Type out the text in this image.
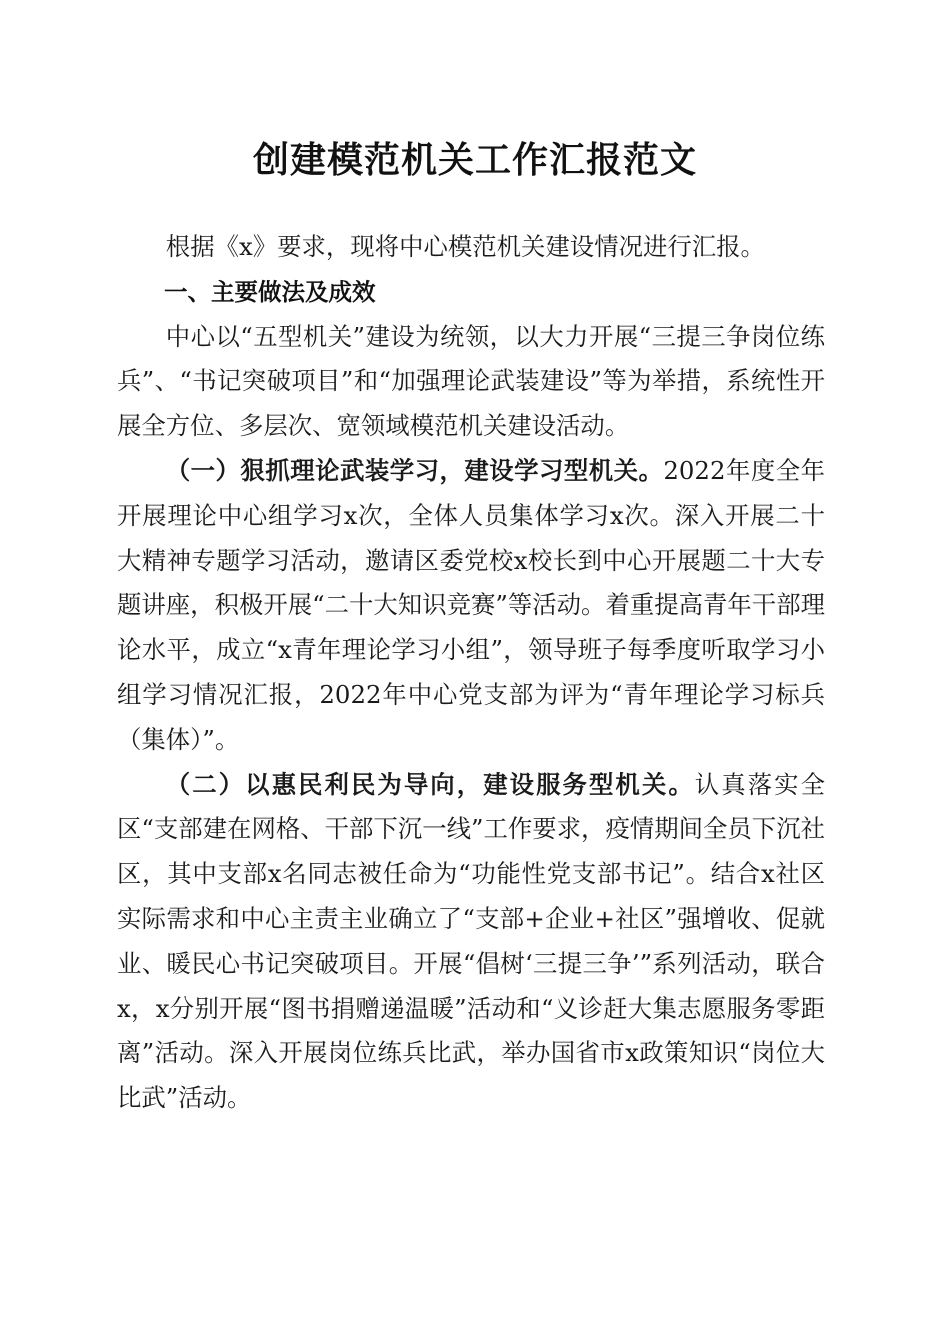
创建模范机关工作汇报范文

根据《x》要求，现将中心模范机关建设情况进行汇报。

一、主要做法及成效

中心以“五型机关”建设为统领，以大力开展“三提三争岗位练兵”、“书记突破项目”和“加强理论武装建设”等为举措，系统性开展全方位、多层次、宽领域模范机关建设活动。

（一）狠抓理论武装学习，建设学习型机关。2022年度全年开展理论中心组学习x次，全体人员集体学习x次。深入开展二十大精神专题学习活动，邀请区委党校x校长到中心开展题二十大专题讲座，积极开展“二十大知识竞赛”等活动。着重提高青年干部理论水平，成立“x青年理论学习小组”，领导班子每季度听取学习小组学习情况汇报，2022年中心党支部为评为“青年理论学习标兵（集体）”。

（二）以惠民利民为导向，建设服务型机关。认真落实全区“支部建在网格、干部下沉一线”工作要求，疫情期间全员下沉社区，其中支部x名同志被任命为“功能性党支部书记”。结合x社区实际需求和中心主责主业确立了“支部+企业+社区”强增收、促就业、暖民心书记突破项目。开展“倡树‘三提三争’”系列活动，联合x，x分别开展“图书捐赠递温暖”活动和“义诊赶大集志愿服务零距离”活动。深入开展岗位练兵比武，举办国省市x政策知识“岗位大比武”活动。
